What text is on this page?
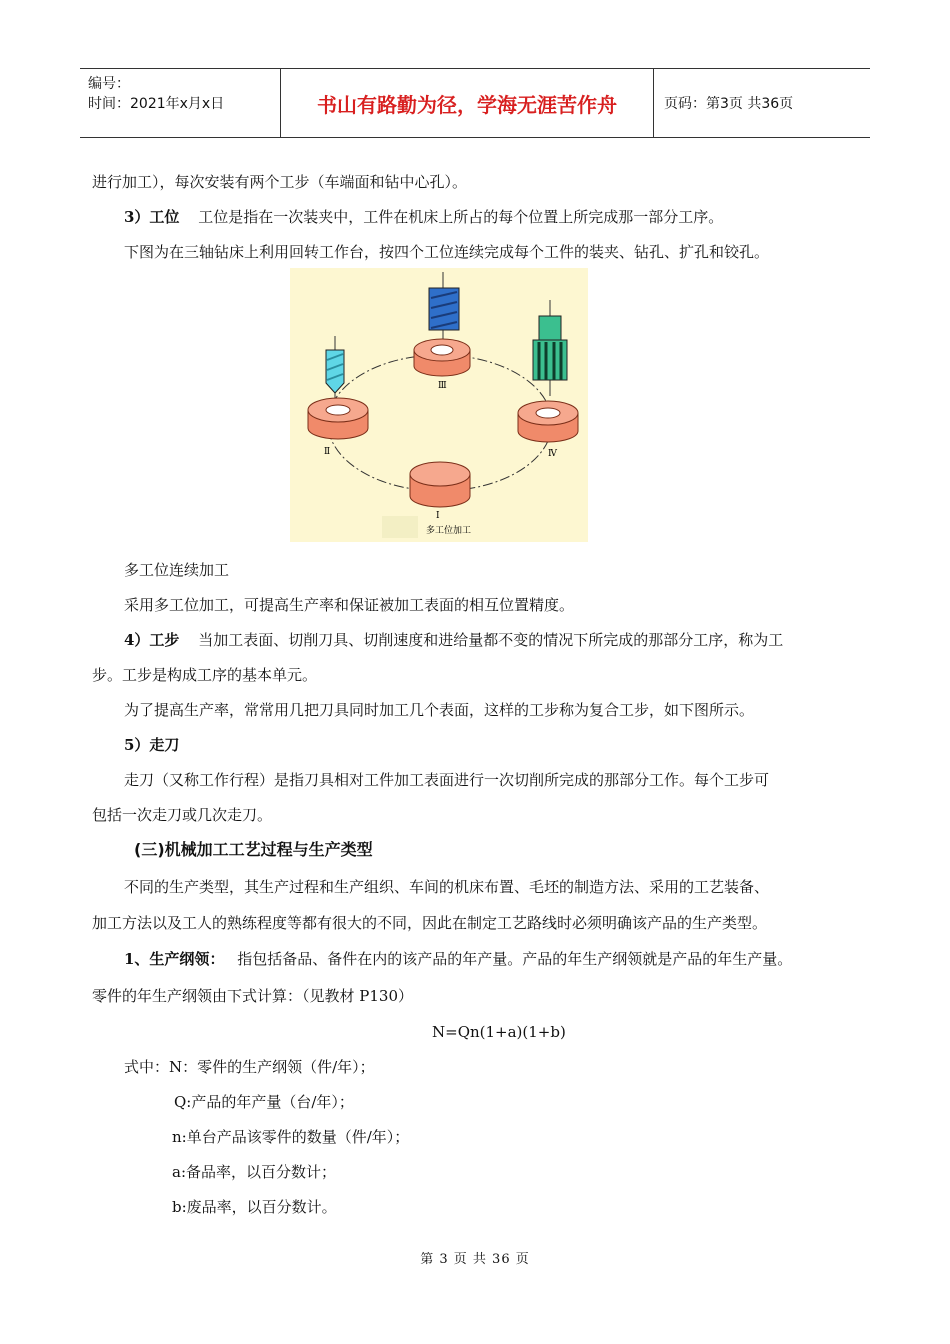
编号：
时间：2021年x月x日	书山有路勤为径，学海无涯苦作舟	页码：第3页 共36页
进行加工），每次安装有两个工步（车端面和钻中心孔）。
3）工位 工位是指在一次装夹中，工件在机床上所占的每个位置上所完成那一部分工序。
下图为在三轴钻床上利用回转工作台，按四个工位连续完成每个工件的装夹、钻孔、扩孔和铰孔。
Ⅲ
Ⅱ	Ⅳ
Ⅰ
多工位加工
多工位连续加工
采用多工位加工，可提高生产率和保证被加工表面的相互位置精度。
4）工步 当加工表面、切削刀具、切削速度和进给量都不变的情况下所完成的那部分工序，称为工
步。工步是构成工序的基本单元。
为了提高生产率，常常用几把刀具同时加工几个表面，这样的工步称为复合工步，如下图所示。
5）走刀
走刀（又称工作行程）是指刀具相对工件加工表面进行一次切削所完成的那部分工作。每个工步可
包括一次走刀或几次走刀。
(三)机械加工工艺过程与生产类型
不同的生产类型，其生产过程和生产组织、车间的机床布置、毛坯的制造方法、采用的工艺装备、
加工方法以及工人的熟练程度等都有很大的不同，因此在制定工艺路线时必须明确该产品的生产类型。
1、生产纲领： 指包括备品、备件在内的该产品的年产量。产品的年生产纲领就是产品的年生产量。
零件的年生产纲领由下式计算：（见教材 P130）
N=Qn(1+a)(1+b)
式中：N：零件的生产纲领（件/年）；
Q:产品的年产量（台/年）；
n:单台产品该零件的数量（件/年）；
a:备品率，以百分数计；
b:废品率，以百分数计。
第 3 页 共 36 页
